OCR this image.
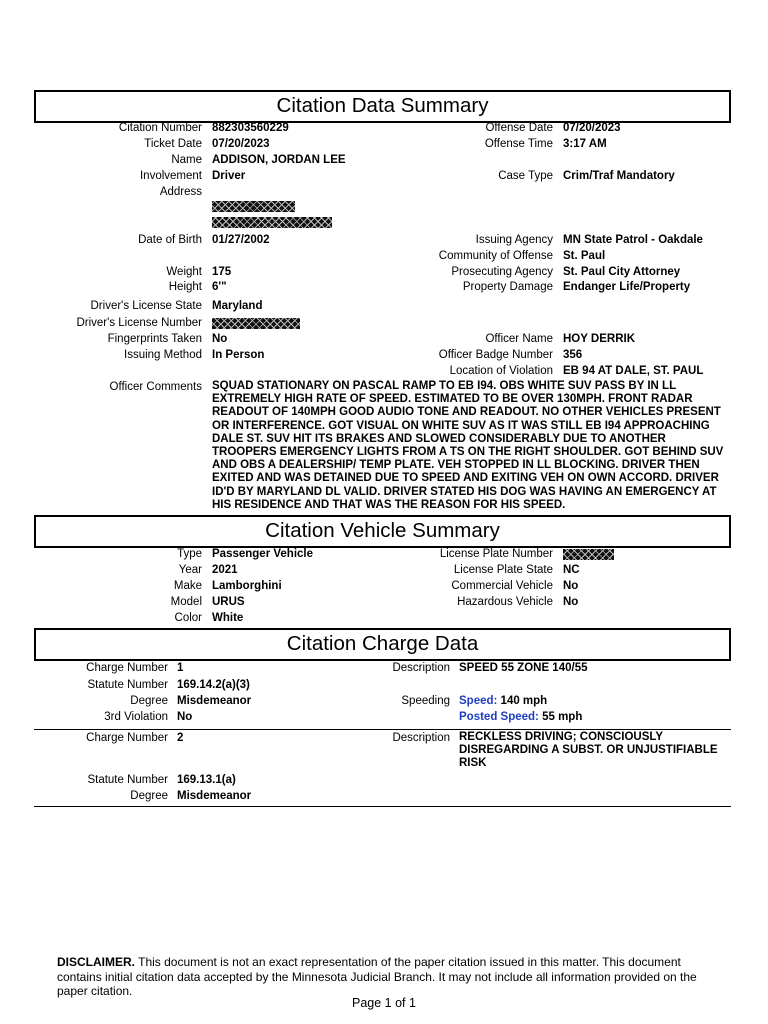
Citation Data Summary
Citation Number 882303560229
Ticket Date 07/20/2023
Name ADDISON, JORDAN LEE
Involvement Driver
Address
Date of Birth 01/27/2002
Weight 175
Height 6'"
Driver's License State Maryland
Driver's License Number
Fingerprints Taken No
Issuing Method In Person
Officer Comments SQUAD STATIONARY ON PASCAL RAMP TO EB I94. OBS WHITE SUV PASS BY IN LL EXTREMELY HIGH RATE OF SPEED. ESTIMATED TO BE OVER 130MPH. FRONT RADAR READOUT OF 140MPH GOOD AUDIO TONE AND READOUT. NO OTHER VEHICLES PRESENT OR INTERFERENCE. GOT VISUAL ON WHITE SUV AS IT WAS STILL EB I94 APPROACHING DALE ST. SUV HIT ITS BRAKES AND SLOWED CONSIDERABLY DUE TO ANOTHER TROOPERS EMERGENCY LIGHTS FROM A TS ON THE RIGHT SHOULDER. GOT BEHIND SUV AND OBS A DEALERSHIP/ TEMP PLATE. VEH STOPPED IN LL BLOCKING. DRIVER THEN EXITED AND WAS DETAINED DUE TO SPEED AND EXITING VEH ON OWN ACCORD. DRIVER ID'D BY MARYLAND DL VALID. DRIVER STATED HIS DOG WAS HAVING AN EMERGENCY AT HIS RESIDENCE AND THAT WAS THE REASON FOR HIS SPEED.
Offense Date 07/20/2023
Offense Time 3:17 AM
Case Type Crim/Traf Mandatory
Issuing Agency MN State Patrol - Oakdale
Community of Offense St. Paul
Prosecuting Agency St. Paul City Attorney
Property Damage Endanger Life/Property
Officer Name HOY DERRIK
Officer Badge Number 356
Location of Violation EB 94 AT DALE, ST. PAUL
Citation Vehicle Summary
Type Passenger Vehicle
Year 2021
Make Lamborghini
Model URUS
Color White
License Plate Number
License Plate State NC
Commercial Vehicle No
Hazardous Vehicle No
Citation Charge Data
Charge Number 1
Statute Number 169.14.2(a)(3)
Degree Misdemeanor
3rd Violation No
Description SPEED 55 ZONE 140/55
Speeding Speed: 140 mph
Posted Speed: 55 mph
Charge Number 2	Description RECKLESS DRIVING; CONSCIOUSLY DISREGARDING A SUBST. OR UNJUSTIFIABLE RISK
Statute Number 169.13.1(a)
Degree Misdemeanor
DISCLAIMER. This document is not an exact representation of the paper citation issued in this matter. This document contains initial citation data accepted by the Minnesota Judicial Branch. It may not include all information provided on the paper citation.
Page 1 of 1
